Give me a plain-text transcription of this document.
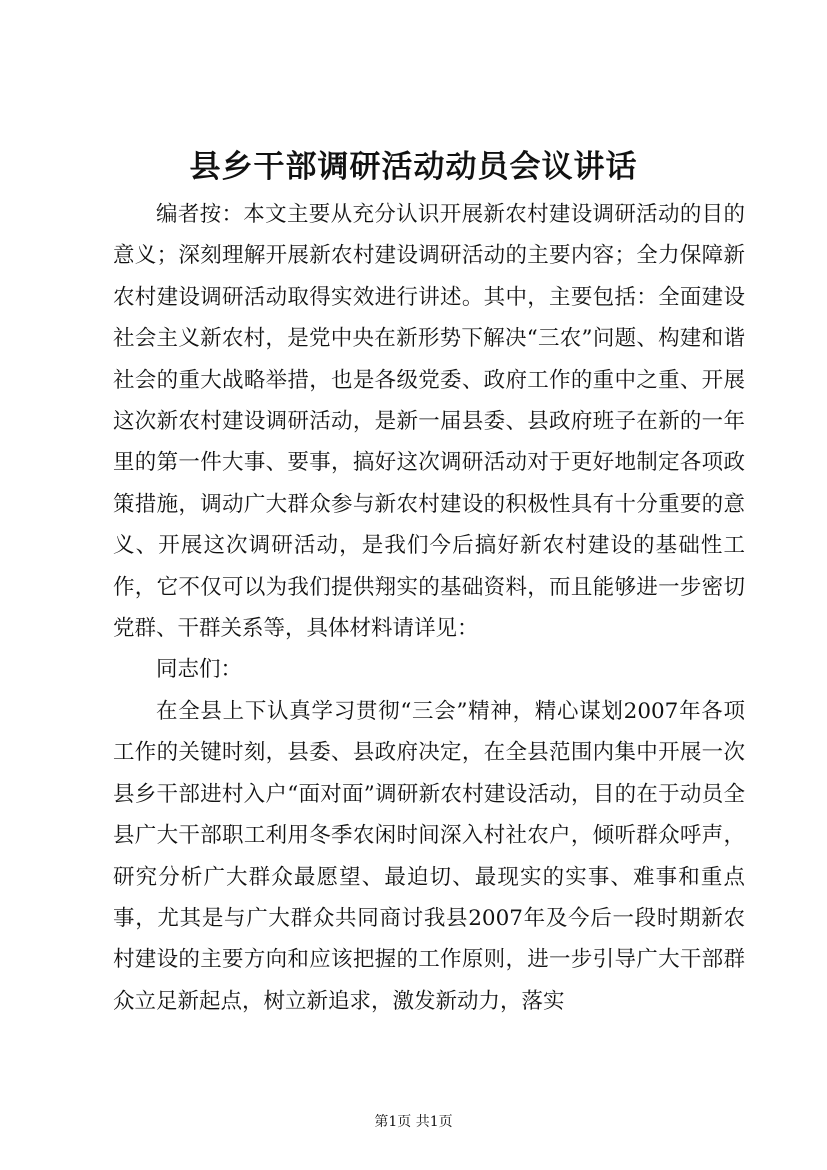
县乡干部调研活动动员会议讲话

编者按：本文主要从充分认识开展新农村建设调研活动的目的意义；深刻理解开展新农村建设调研活动的主要内容；全力保障新农村建设调研活动取得实效进行讲述。其中，主要包括：全面建设社会主义新农村，是党中央在新形势下解决“三农”问题、构建和谐社会的重大战略举措，也是各级党委、政府工作的重中之重、开展这次新农村建设调研活动，是新一届县委、县政府班子在新的一年里的第一件大事、要事，搞好这次调研活动对于更好地制定各项政策措施，调动广大群众参与新农村建设的积极性具有十分重要的意义、开展这次调研活动，是我们今后搞好新农村建设的基础性工作，它不仅可以为我们提供翔实的基础资料，而且能够进一步密切党群、干群关系等，具体材料请详见：

同志们：

在全县上下认真学习贯彻“三会”精神，精心谋划2007年各项工作的关键时刻，县委、县政府决定，在全县范围内集中开展一次县乡干部进村入户“面对面”调研新农村建设活动，目的在于动员全县广大干部职工利用冬季农闲时间深入村社农户，倾听群众呼声，研究分析广大群众最愿望、最迫切、最现实的实事、难事和重点事，尤其是与广大群众共同商讨我县2007年及今后一段时期新农村建设的主要方向和应该把握的工作原则，进一步引导广大干部群众立足新起点，树立新追求，激发新动力，落实

第1页 共1页
